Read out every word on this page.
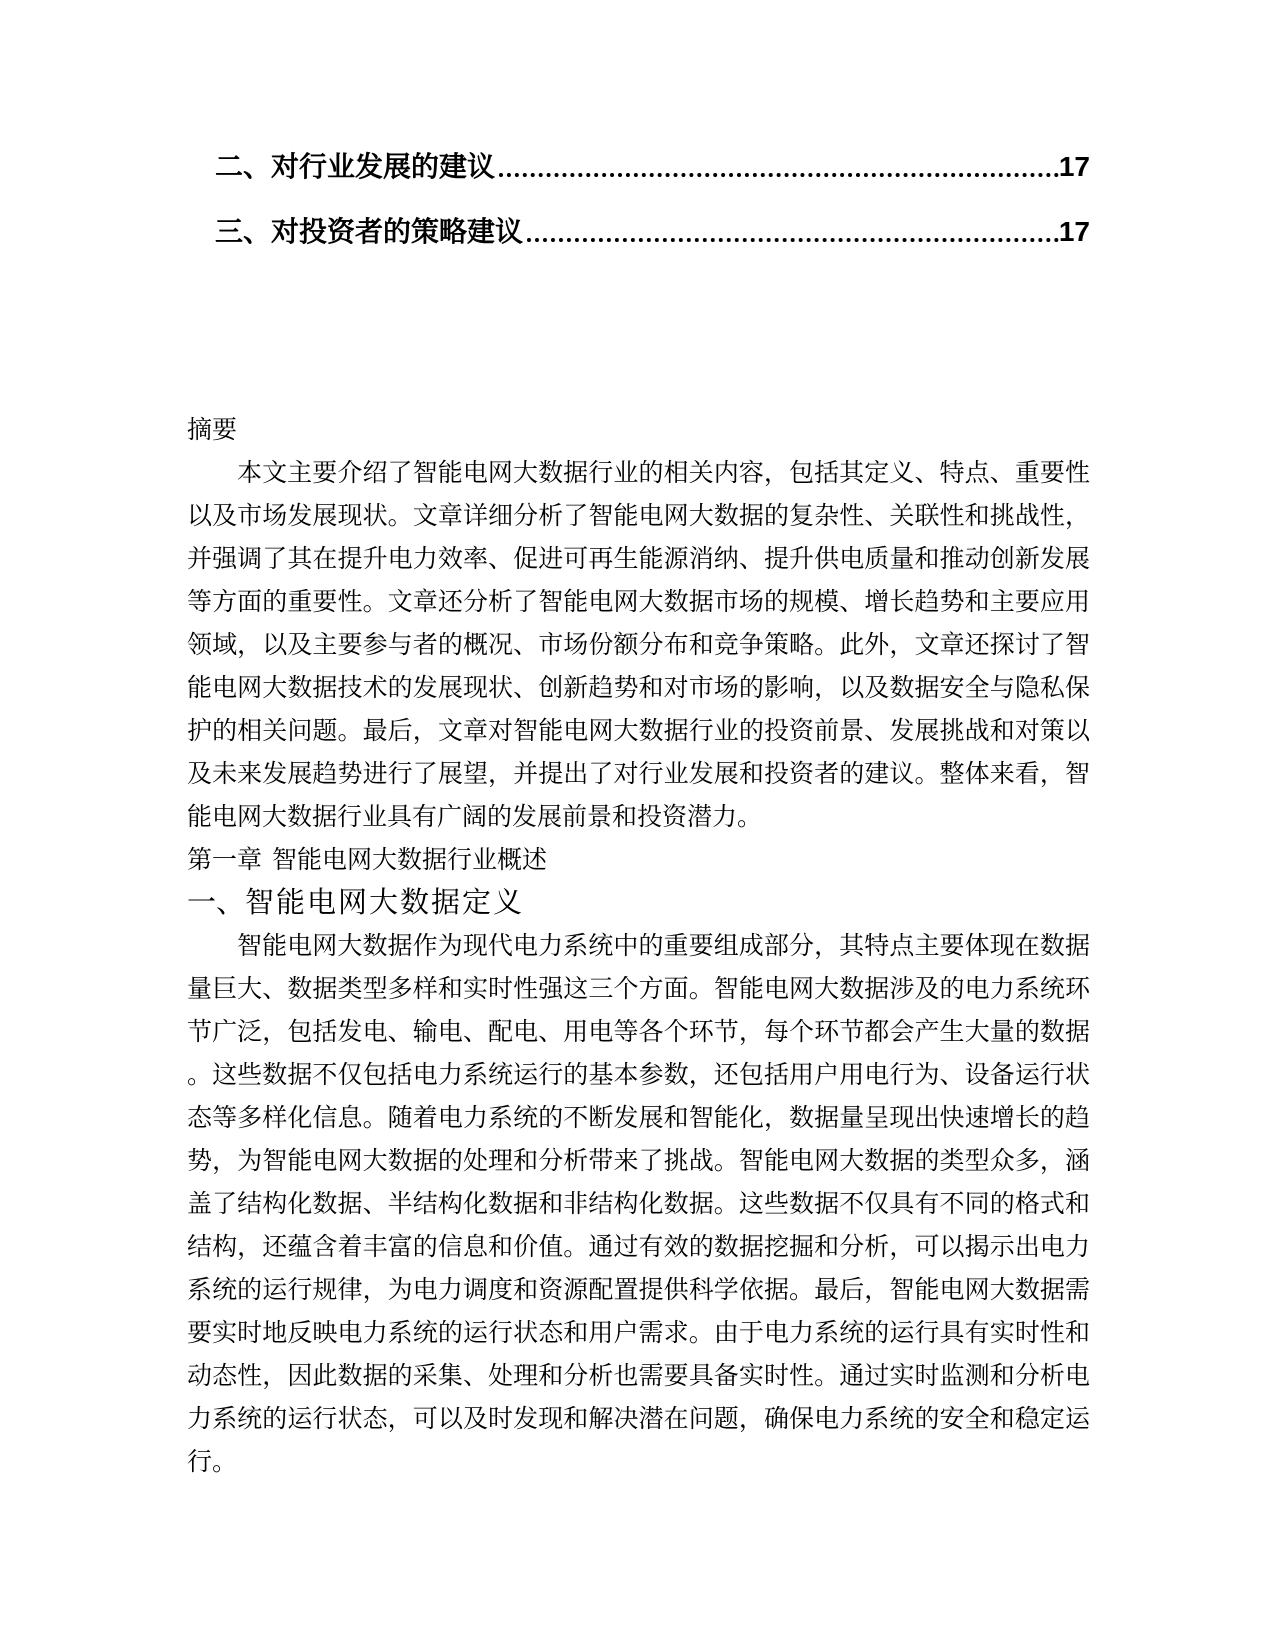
二、 对行业发展的建议	17
三、 对投资者的策略建议	17
摘要

本文主要介绍了智能电网大数据行业的相关内容，包括其定义、特点、重要性以及市场发展现状。文章详细分析了智能电网大数据的复杂性、关联性和挑战性，并强调了其在提升电力效率、促进可再生能源消纳、提升供电质量和推动创新发展等方面的重要性。文章还分析了智能电网大数据市场的规模、增长趋势和主要应用领域，以及主要参与者的概况、市场份额分布和竞争策略。此外，文章还探讨了智能电网大数据技术的发展现状、创新趋势和对市场的影响，以及数据安全与隐私保护的相关问题。最后，文章对智能电网大数据行业的投资前景、发展挑战和对策以及未来发展趋势进行了展望，并提出了对行业发展和投资者的建议。整体来看，智能电网大数据行业具有广阔的发展前景和投资潜力。

第一章 智能电网大数据行业概述
一、 智能电网大数据定义

智能电网大数据作为现代电力系统中的重要组成部分，其特点主要体现在数据量巨大、数据类型多样和实时性强这三个方面。智能电网大数据涉及的电力系统环节广泛，包括发电、输电、配电、用电等各个环节，每个环节都会产生大量的数据。这些数据不仅包括电力系统运行的基本参数，还包括用户用电行为、设备运行状态等多样化信息。随着电力系统的不断发展和智能化，数据量呈现出快速增长的趋势，为智能电网大数据的处理和分析带来了挑战。智能电网大数据的类型众多，涵盖了结构化数据、半结构化数据和非结构化数据。这些数据不仅具有不同的格式和结构，还蕴含着丰富的信息和价值。通过有效的数据挖掘和分析，可以揭示出电力系统的运行规律，为电力调度和资源配置提供科学依据。最后，智能电网大数据需要实时地反映电力系统的运行状态和用户需求。由于电力系统的运行具有实时性和动态性，因此数据的采集、处理和分析也需要具备实时性。通过实时监测和分析电力系统的运行状态，可以及时发现和解决潜在问题，确保电力系统的安全和稳定运行。
